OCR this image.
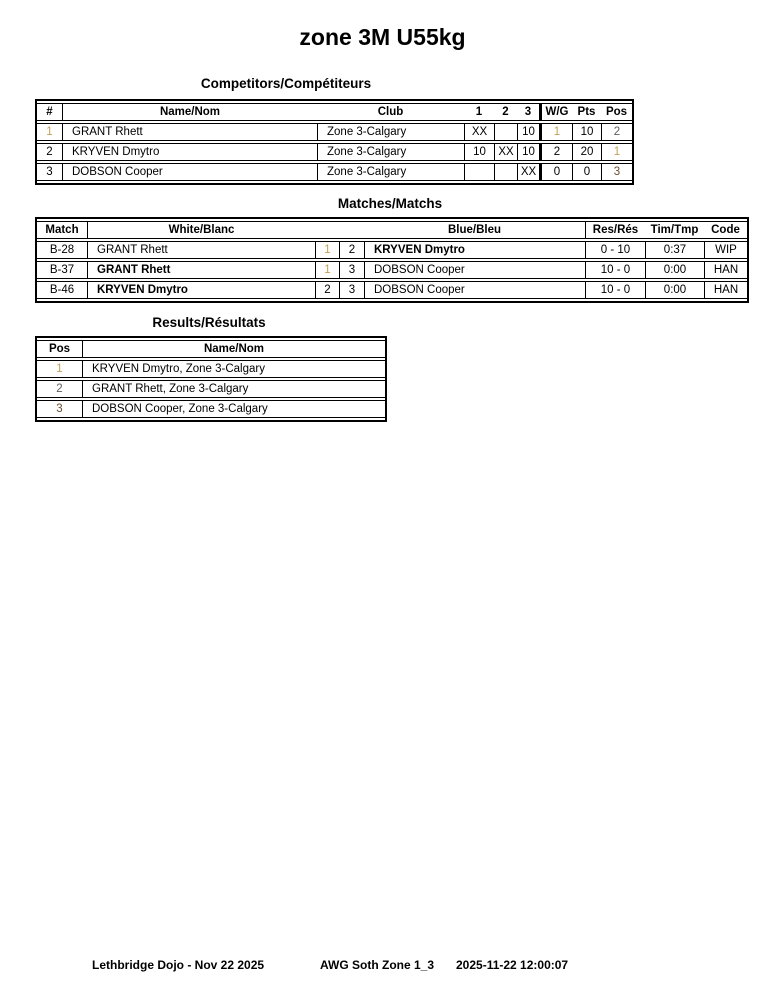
zone 3M U55kg
Competitors/Compétiteurs
#	Name/Nom	Club	1	2	3	W/G	Pts	Pos
1	GRANT Rhett	Zone 3-Calgary	XX		10	1	10	2
2	KRYVEN Dmytro	Zone 3-Calgary	10	XX	10	2	20	1
3	DOBSON Cooper	Zone 3-Calgary			XX	0	0	3
Matches/Matchs
Match	White/Blanc			Blue/Bleu	Res/Rés	Tim/Tmp	Code
B-28	GRANT Rhett	1	2	KRYVEN Dmytro	0 - 10	0:37	WIP
B-37	GRANT Rhett	1	3	DOBSON Cooper	10 - 0	0:00	HAN
B-46	KRYVEN Dmytro	2	3	DOBSON Cooper	10 - 0	0:00	HAN
Results/Résultats
Pos	Name/Nom
1	KRYVEN Dmytro, Zone 3-Calgary
2	GRANT Rhett, Zone 3-Calgary
3	DOBSON Cooper, Zone 3-Calgary
Lethbridge Dojo - Nov 22 2025	AWG Soth Zone 1_3 2025-11-22 12:00:07
